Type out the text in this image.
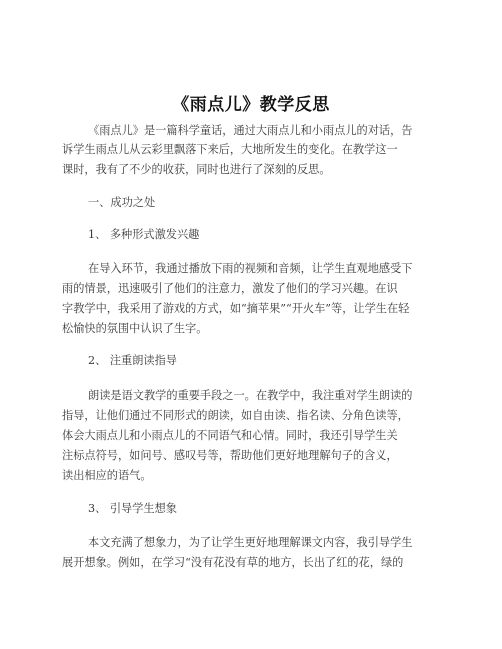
《雨点儿》教学反思
《雨点儿》是一篇科学童话，通过大雨点儿和小雨点儿的对话，告
诉学生雨点儿从云彩里飘落下来后，大地所发生的变化。在教学这一
课时，我有了不少的收获，同时也进行了深刻的反思。
一、成功之处
1、 多种形式激发兴趣
在导入环节，我通过播放下雨的视频和音频，让学生直观地感受下
雨的情景，迅速吸引了他们的注意力，激发了他们的学习兴趣。在识
字教学中，我采用了游戏的方式，如“摘苹果”“开火车”等，让学生在轻
松愉快的氛围中认识了生字。
2、 注重朗读指导
朗读是语文教学的重要手段之一。在教学中，我注重对学生朗读的
指导，让他们通过不同形式的朗读，如自由读、指名读、分角色读等，
体会大雨点儿和小雨点儿的不同语气和心情。同时，我还引导学生关
注标点符号，如问号、感叹号等，帮助他们更好地理解句子的含义，
读出相应的语气。
3、 引导学生想象
本文充满了想象力，为了让学生更好地理解课文内容，我引导学生
展开想象。例如，在学习“没有花没有草的地方，长出了红的花，绿的
